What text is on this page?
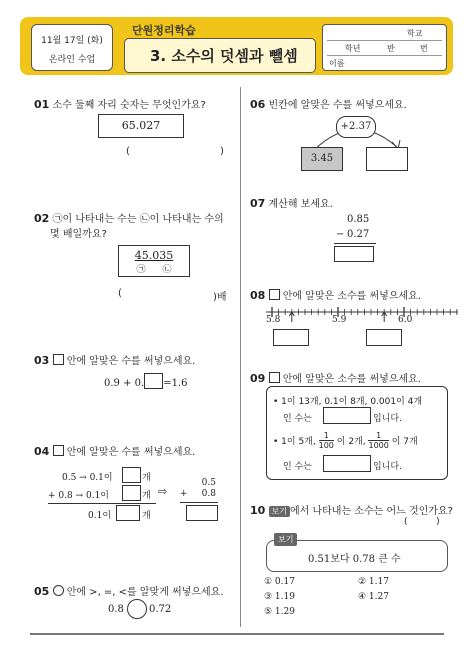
11월 17일 (화)
온라인 수업
단원정리학습
3. 소수의 덧셈과 뺄셈
학교
학년	반	번
이름
01 소수 둘째 자리 숫자는 무엇인가요?
65.027
(	)
02 ㉠이 나타내는 수는 ㉡이 나타내는 수의
몇 배일까요?
45.035
㉠ ㉡
(	)배
03 안에 알맞은 수를 써넣으세요.
0.9 + 0. =1.6
04 안에 알맞은 수를 써넣으세요.
0.5 → 0.1이	개
+ 0.8 → 0.1이	개
0.1이	개
⇨
0.5
+ 0.8
05 안에 >, =, <를 알맞게 써넣으세요.
0.8	0.72
06 빈칸에 알맞은 수를 써넣으세요.
+2.37
3.45
07 계산해 보세요.
0.85
− 0.27
08 안에 알맞은 소수를 써넣으세요.
5.8	5.9	6.0
09 안에 알맞은 소수를 써넣으세요.
• 1이 13개, 0.1이 8개, 0.001이 4개
인 수는	입니다.
• 1이 5개, $\frac{1}{100}$ 이 2개, $\frac{1}{1000}$ 이 7개
인 수는	입니다.
10 보기 에서 나타내는 소수는 어느 것인가요?
(          )
보기
0.51보다 0.78 큰 수
① 0.17	② 1.17
③ 1.19	④ 1.27
⑤ 1.29
